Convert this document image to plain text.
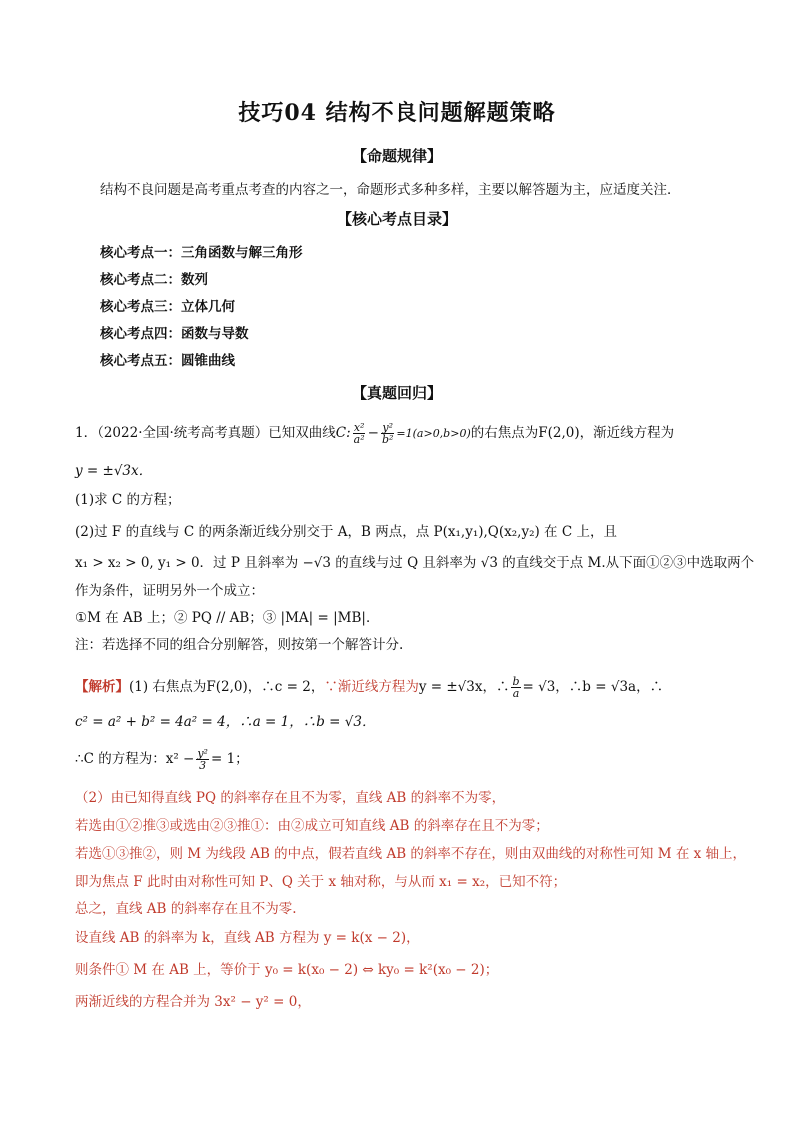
技巧04 结构不良问题解题策略
【命题规律】
结构不良问题是高考重点考查的内容之一，命题形式多种多样，主要以解答题为主，应适度关注．
【核心考点目录】
核心考点一：三角函数与解三角形
核心考点二：数列
核心考点三：立体几何
核心考点四：函数与导数
核心考点五：圆锥曲线
【真题回归】
1．（2022·全国·统考高考真题）已知双曲线C: $\frac{\text{x²}}{\text{a²}} - \frac{\text{y²}}{\text{b²}} =1(a>0,b>0)$的右焦点为F(2,0)，渐近线方程为
y = ±√3x．
(1)求 C 的方程；
(2)过 F 的直线与 C 的两条渐近线分别交于 A，B 两点，点 P(x₁,y₁),Q(x₂,y₂) 在 C 上，且
x₁ > x₂ > 0, y₁ > 0．过 P 且斜率为 −√3 的直线与过 Q 且斜率为 √3 的直线交于点 M.从下面①②③中选取两个
作为条件，证明另外一个成立：
①M 在 AB 上；② PQ // AB；③ |MA| = |MB|．
注：若选择不同的组合分别解答，则按第一个解答计分.
【解析】(1) 右焦点为F(2,0)，∴c = 2，∵渐近线方程为y = ±√3x，∴ $\frac{b}{a} = √3$，∴b = √3a，∴
c² = a² + b² = 4a² = 4，∴a = 1，∴b = √3．
∴C 的方程为：$x^2 - \frac{\text{y²}}{3} = 1$；
（2）由已知得直线 PQ 的斜率存在且不为零，直线 AB 的斜率不为零，
若选由①②推③或选由②③推①：由②成立可知直线 AB 的斜率存在且不为零；
若选①③推②，则 M 为线段 AB 的中点，假若直线 AB 的斜率不存在，则由双曲线的对称性可知 M 在 x 轴上，
即为焦点 F 此时由对称性可知 P、Q 关于 x 轴对称，与从而 x₁ = x₂，已知不符；
总之，直线 AB 的斜率存在且不为零.
设直线 AB 的斜率为 k，直线 AB 方程为 y = k(x − 2)，
则条件① M 在 AB 上，等价于 y₀ = k(x₀ − 2) ⇔ ky₀ = k²(x₀ − 2)；
两渐近线的方程合并为 3x² − y² = 0，
